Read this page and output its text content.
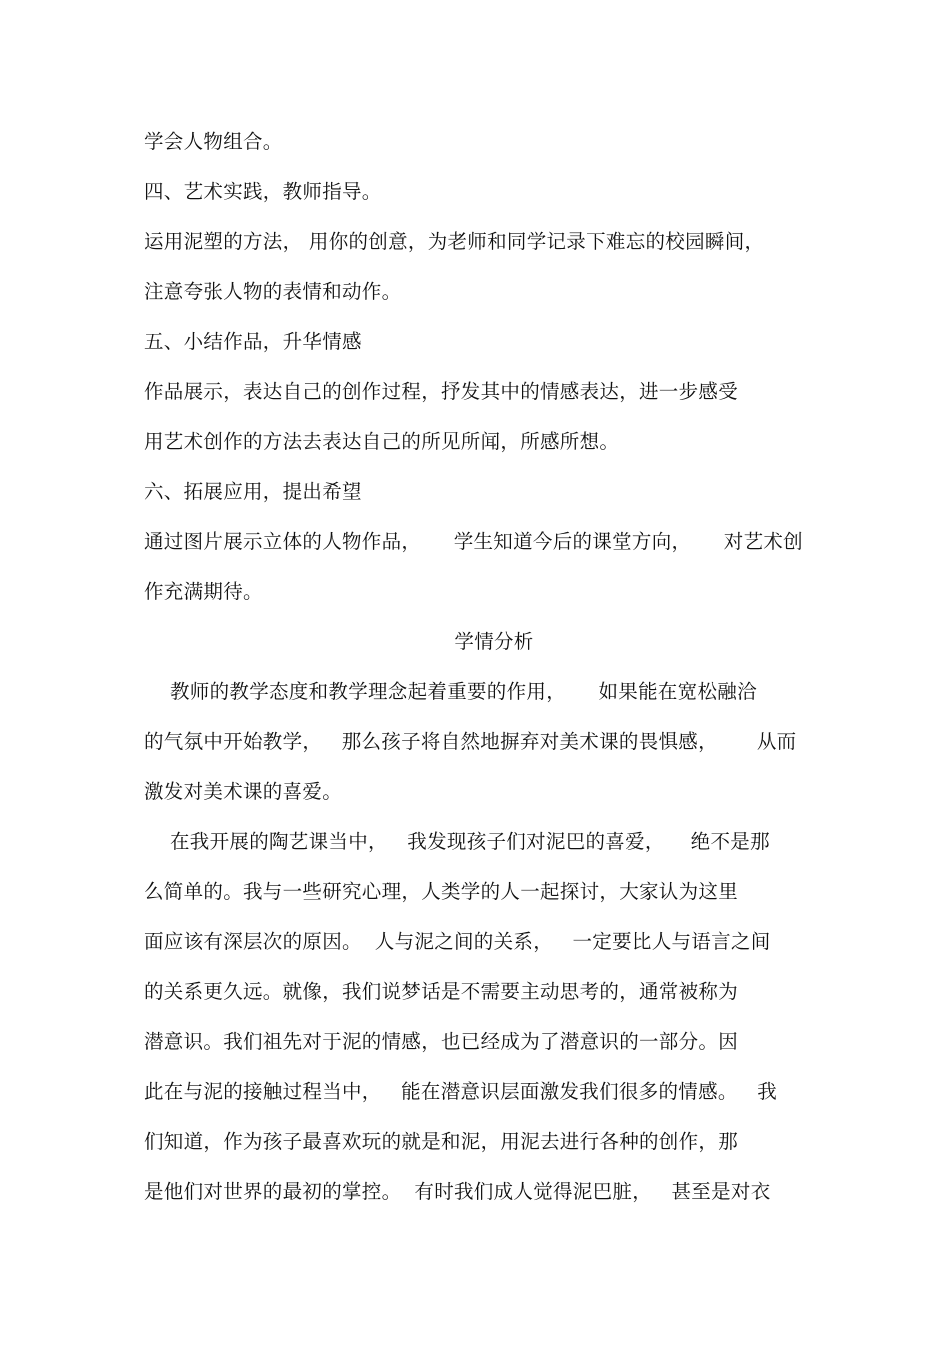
学会人物组合。
四、艺术实践，教师指导。
运用泥塑的方法， 用你的创意，为老师和同学记录下难忘的校园瞬间，
注意夸张人物的表情和动作。
五、小结作品，升华情感
作品展示，表达自己的创作过程，抒发其中的情感表达，进一步感受
用艺术创作的方法去表达自己的所见所闻，所感所想。
六、拓展应用，提出希望
通过图片展示立体的人物作品，     学生知道今后的课堂方向，     对艺术创
作充满期待。
学情分析
教师的教学态度和教学理念起着重要的作用，     如果能在宽松融洽
的气氛中开始教学，   那么孩子将自然地摒弃对美术课的畏惧感，      从而
激发对美术课的喜爱。
在我开展的陶艺课当中，   我发现孩子们对泥巴的喜爱，    绝不是那
么简单的。我与一些研究心理，人类学的人一起探讨，大家认为这里
面应该有深层次的原因。  人与泥之间的关系，   一定要比人与语言之间
的关系更久远。就像，我们说梦话是不需要主动思考的，通常被称为
潜意识。我们祖先对于泥的情感，也已经成为了潜意识的一部分。因
此在与泥的接触过程当中，   能在潜意识层面激发我们很多的情感。   我
们知道，作为孩子最喜欢玩的就是和泥，用泥去进行各种的创作，那
是他们对世界的最初的掌控。  有时我们成人觉得泥巴脏，   甚至是对衣
